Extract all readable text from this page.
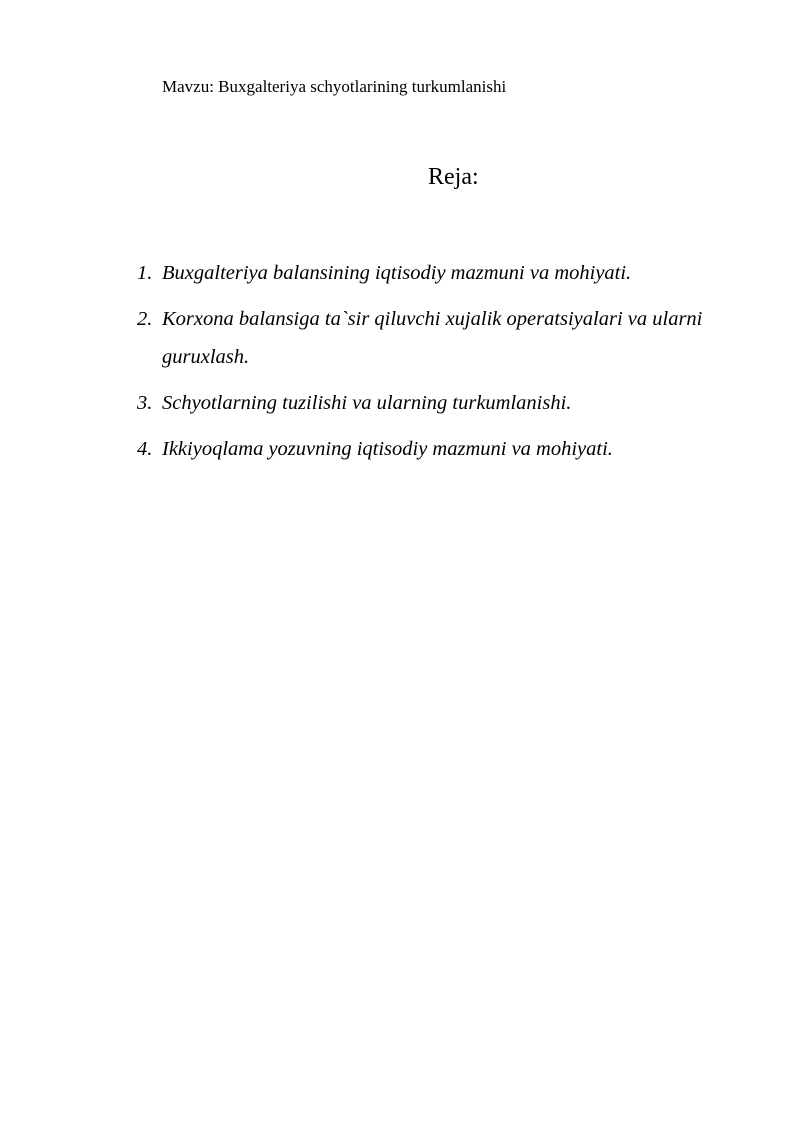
Mavzu: Buxgalteriya schyotlarining turkumlanishi
Reja:
1. Buxgalteriya balansining iqtisodiy mazmuni va mohiyati.
2. Korxona balansiga ta`sir qiluvchi xujalik operatsiyalari va ularni guruxlash.
3. Schyotlarning tuzilishi va ularning turkumlanishi.
4. Ikkiyoqlama yozuvning iqtisodiy mazmuni va mohiyati.
